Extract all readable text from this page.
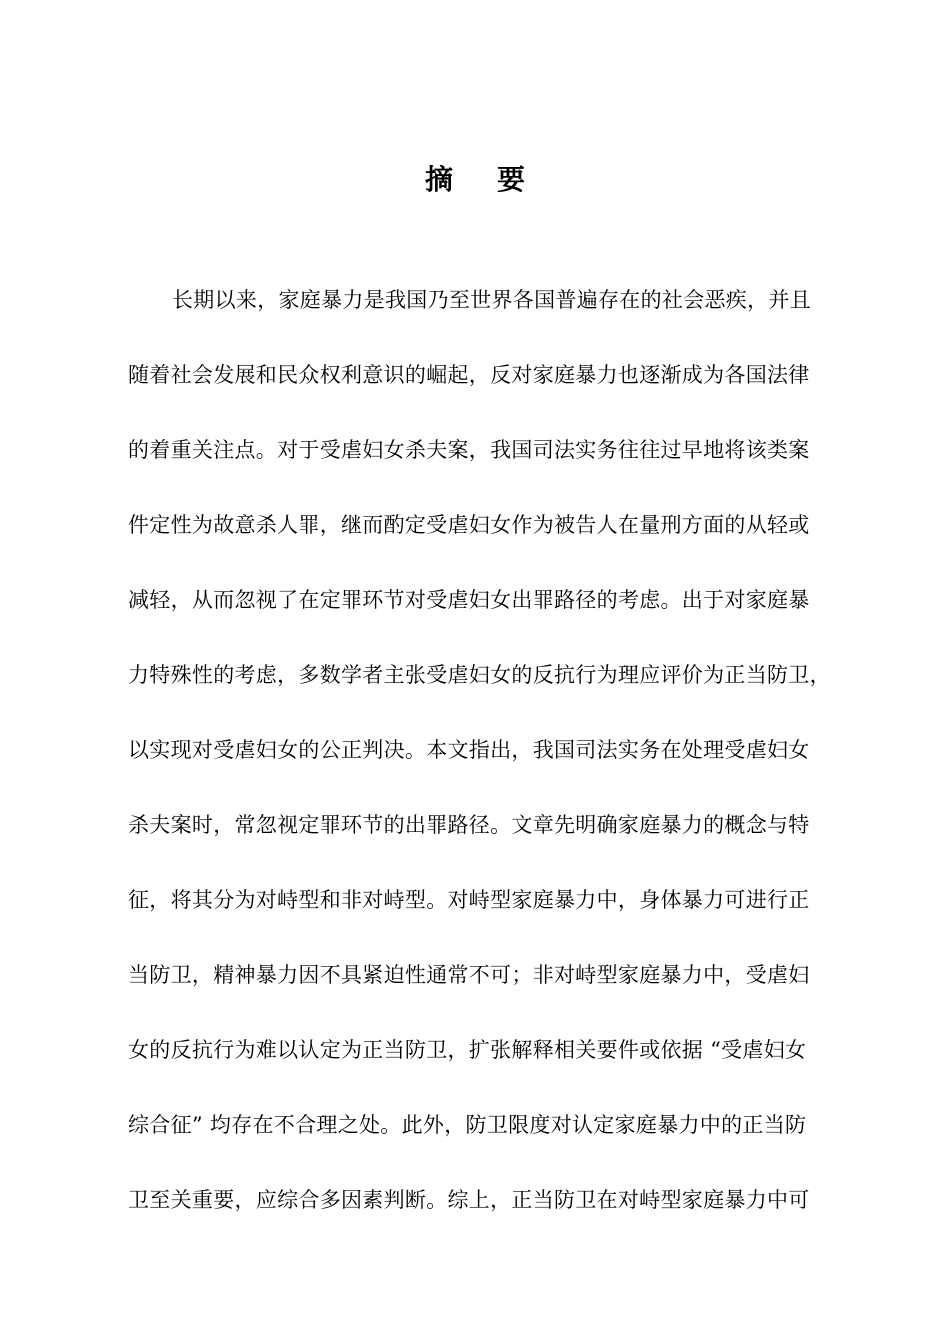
摘 要
长期以来，家庭暴力是我国乃至世界各国普遍存在的社会恶疾，并且
随着社会发展和民众权利意识的崛起，反对家庭暴力也逐渐成为各国法律
的着重关注点。对于受虐妇女杀夫案，我国司法实务往往过早地将该类案
件定性为故意杀人罪，继而酌定受虐妇女作为被告人在量刑方面的从轻或
减轻，从而忽视了在定罪环节对受虐妇女出罪路径的考虑。出于对家庭暴
力特殊性的考虑，多数学者主张受虐妇女的反抗行为理应评价为正当防卫，
以实现对受虐妇女的公正判决。本文指出，我国司法实务在处理受虐妇女
杀夫案时，常忽视定罪环节的出罪路径。文章先明确家庭暴力的概念与特
征，将其分为对峙型和非对峙型。对峙型家庭暴力中，身体暴力可进行正
当防卫，精神暴力因不具紧迫性通常不可；非对峙型家庭暴力中，受虐妇
女的反抗行为难以认定为正当防卫，扩张解释相关要件或依据 “受虐妇女
综合征” 均存在不合理之处。此外，防卫限度对认定家庭暴力中的正当防
卫至关重要，应综合多因素判断。综上，正当防卫在对峙型家庭暴力中可
